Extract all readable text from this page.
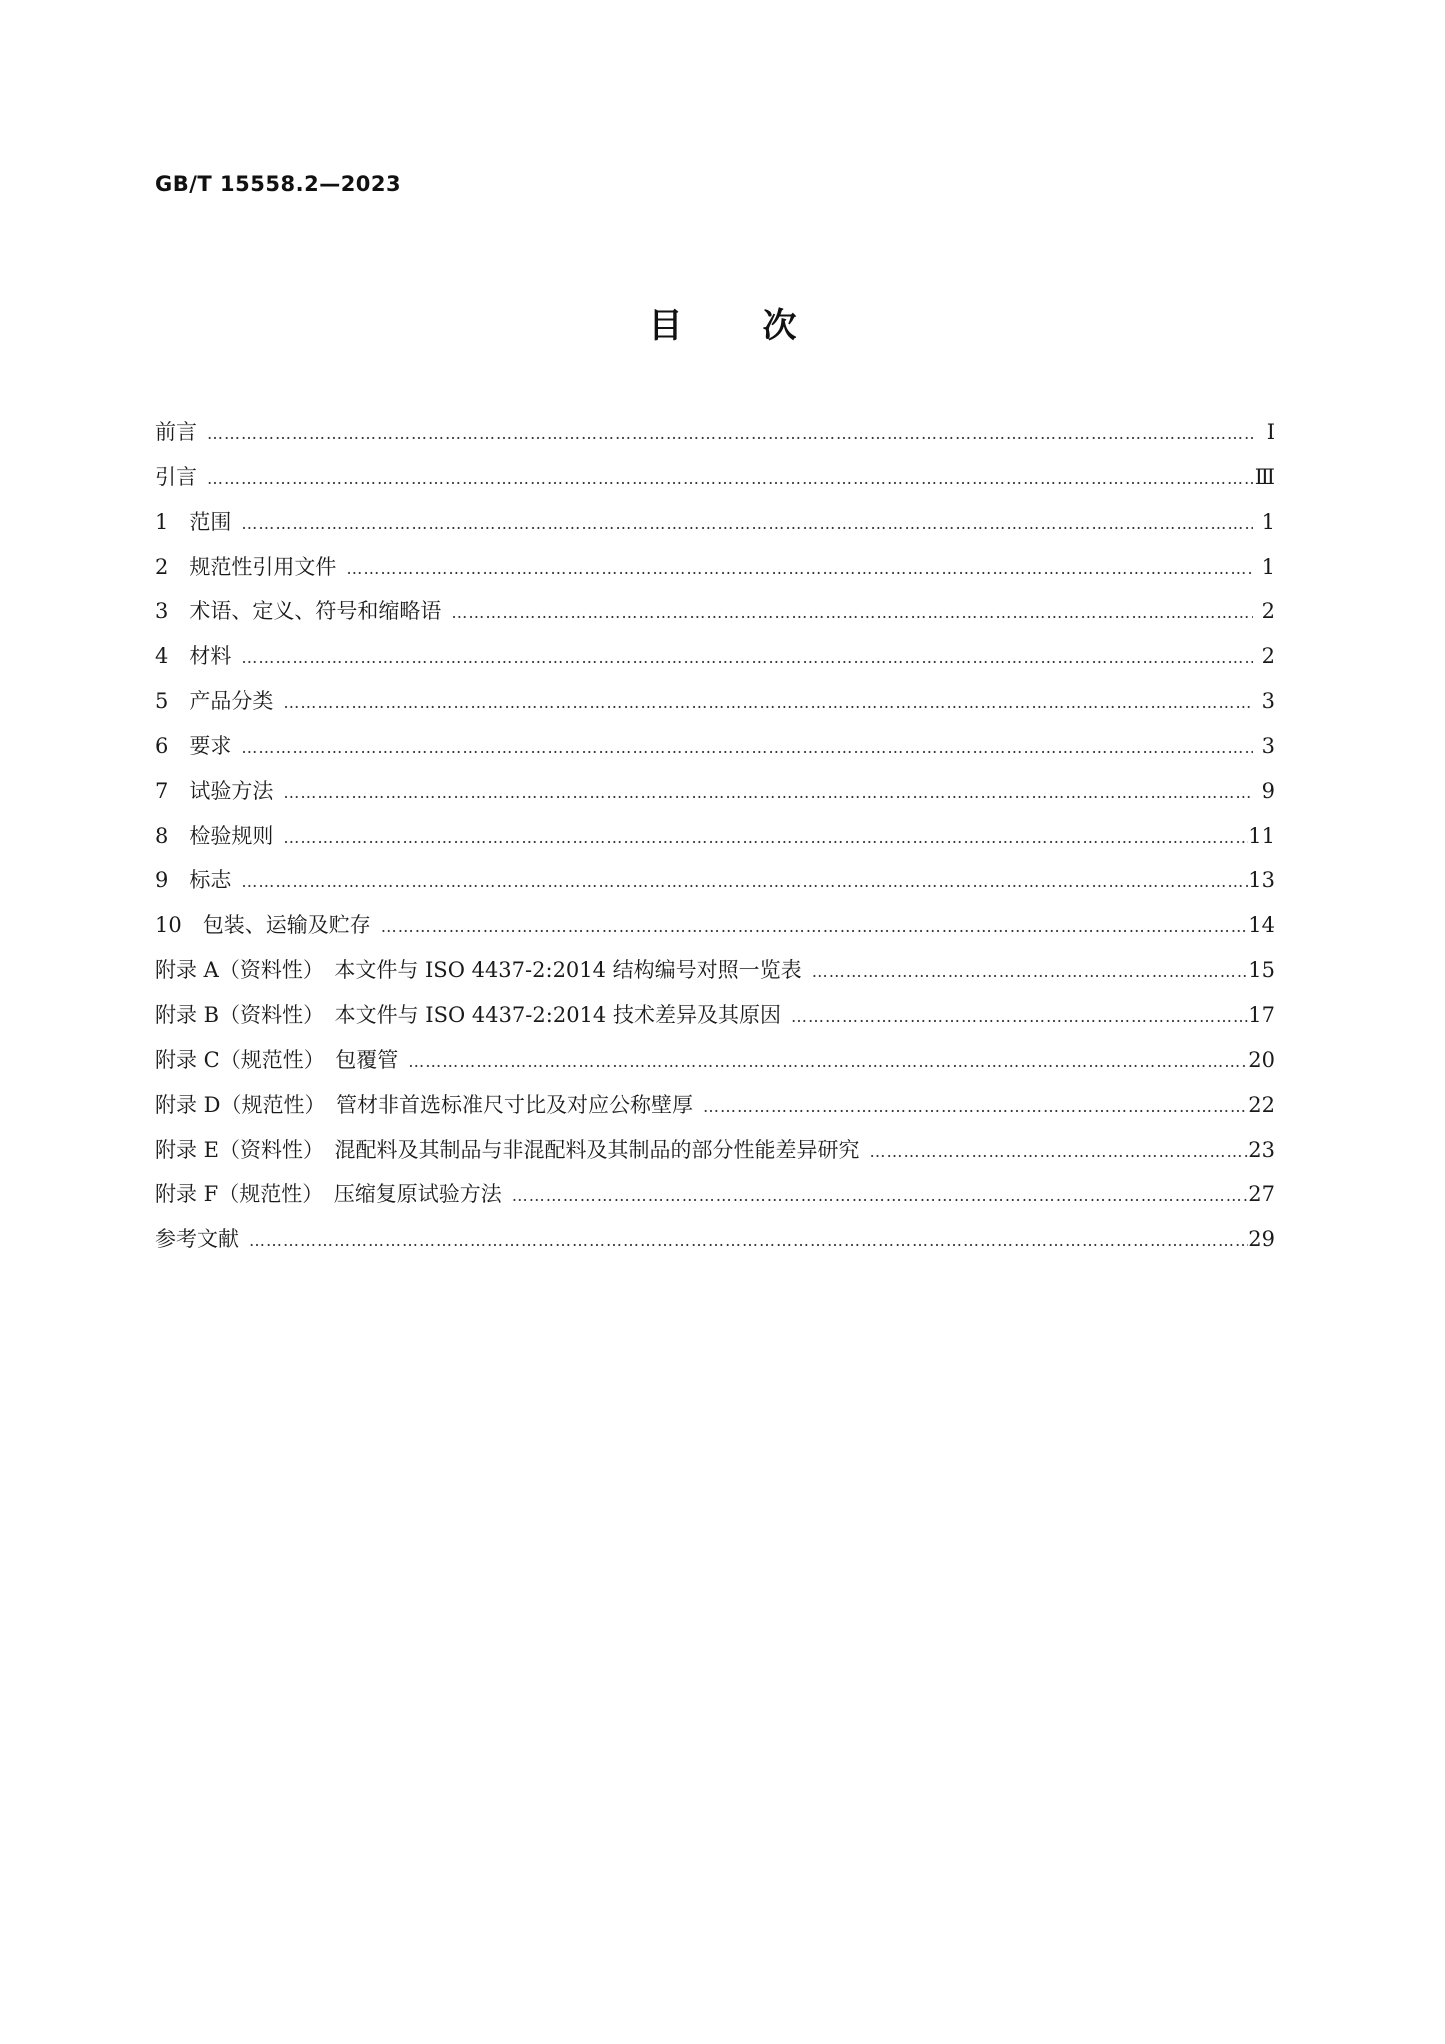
GB/T 15558.2—2023
目次
前言 ……………………………………………………………………………………………………………………………………………………………………………………………………………………………………………………………………	Ⅰ
引言 ……………………………………………………………………………………………………………………………………………………………………………………………………………………………………………………………………	Ⅲ
1　范围 ……………………………………………………………………………………………………………………………………………………………………………………………………………………………………………………………………	1
2　规范性引用文件 ……………………………………………………………………………………………………………………………………………………………………………………………………………………………………………………………………	1
3　术语、定义、符号和缩略语 ……………………………………………………………………………………………………………………………………………………………………………………………………………………………………………………………………	2
4　材料 ……………………………………………………………………………………………………………………………………………………………………………………………………………………………………………………………………	2
5　产品分类 ……………………………………………………………………………………………………………………………………………………………………………………………………………………………………………………………………	3
6　要求 ……………………………………………………………………………………………………………………………………………………………………………………………………………………………………………………………………	3
7　试验方法 ……………………………………………………………………………………………………………………………………………………………………………………………………………………………………………………………………	9
8　检验规则 ……………………………………………………………………………………………………………………………………………………………………………………………………………………………………………………………………	11
9　标志 ……………………………………………………………………………………………………………………………………………………………………………………………………………………………………………………………………	13
10　包装、运输及贮存 ……………………………………………………………………………………………………………………………………………………………………………………………………………………………………………………………………	14
附录 A（资料性）　本文件与 ISO 4437-2:2014 结构编号对照一览表 ……………………………………………………………………………………………………………………………………………………………………………………………………………………………………………………………………	15
附录 B（资料性）　本文件与 ISO 4437-2:2014 技术差异及其原因 ……………………………………………………………………………………………………………………………………………………………………………………………………………………………………………………………………	17
附录 C（规范性）　包覆管 ……………………………………………………………………………………………………………………………………………………………………………………………………………………………………………………………………	20
附录 D（规范性）　管材非首选标准尺寸比及对应公称壁厚 ……………………………………………………………………………………………………………………………………………………………………………………………………………………………………………………………………	22
附录 E（资料性）　混配料及其制品与非混配料及其制品的部分性能差异研究 ……………………………………………………………………………………………………………………………………………………………………………………………………………………………………………………………………	23
附录 F（规范性）　压缩复原试验方法 ……………………………………………………………………………………………………………………………………………………………………………………………………………………………………………………………………	27
参考文献 ……………………………………………………………………………………………………………………………………………………………………………………………………………………………………………………………………	29
